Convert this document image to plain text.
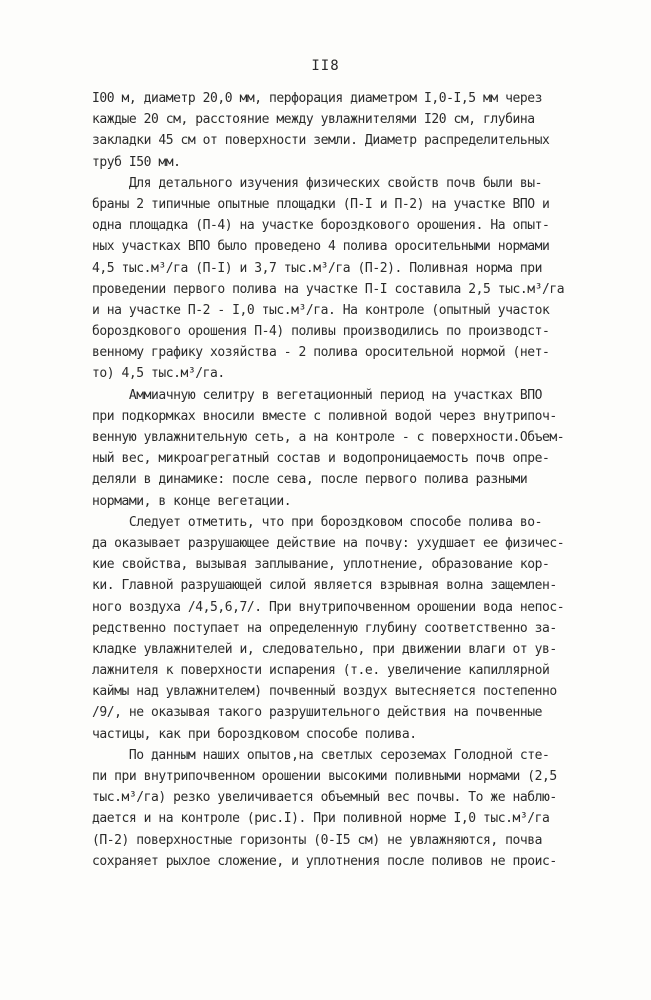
II8
I00 м, диаметр 20,0 мм, перфорация диаметром I,0-I,5 мм через
каждые 20 см, расстояние между увлажнителями I20 см, глубина
закладки 45 см от поверхности земли. Диаметр распределительных
труб I50 мм.
Для детального изучения физических свойств почв были вы-
браны 2 типичные опытные площадки (П-I и П-2) на участке ВПО и
одна площадка (П-4) на участке бороздкового орошения. На опыт-
ных участках ВПО было проведено 4 полива оросительными нормами
4,5 тыс.м³/га (П-I) и 3,7 тыс.м³/га (П-2). Поливная норма при
проведении первого полива на участке П-I составила 2,5 тыс.м³/га
и на участке П-2 - I,0 тыс.м³/га. На контроле (опытный участок
бороздкового орошения П-4) поливы производились по производст-
венному графику хозяйства - 2 полива оросительной нормой (нет-
то) 4,5 тыс.м³/га.
Аммиачную селитру в вегетационный период на участках ВПО
при подкормках вносили вместе с поливной водой через внутрипоч-
венную увлажнительную сеть, а на контроле - с поверхности.Объем-
ный вес, микроагрегатный состав и водопроницаемость почв опре-
деляли в динамике: после сева, после первого полива разными
нормами, в конце вегетации.
Следует отметить, что при бороздковом способе полива во-
да оказывает разрушающее действие на почву: ухудшает ее физичес-
кие свойства, вызывая заплывание, уплотнение, образование кор-
ки. Главной разрушающей силой является взрывная волна защемлен-
ного воздуха /4,5,6,7/. При внутрипочвенном орошении вода непос-
редственно поступает на определенную глубину соответственно за-
кладке увлажнителей и, следовательно, при движении влаги от ув-
лажнителя к поверхности испарения (т.е. увеличение капиллярной
каймы над увлажнителем) почвенный воздух вытесняется постепенно
/9/, не оказывая такого разрушительного действия на почвенные
частицы, как при бороздковом способе полива.
По данным наших опытов,на светлых сероземах Голодной сте-
пи при внутрипочвенном орошении высокими поливными нормами (2,5
тыс.м³/га) резко увеличивается объемный вес почвы. То же наблю-
дается и на контроле (рис.I). При поливной норме I,0 тыс.м³/га
(П-2) поверхностные горизонты (0-I5 см) не увлажняются, почва
сохраняет рыхлое сложение, и уплотнения после поливов не проис-
